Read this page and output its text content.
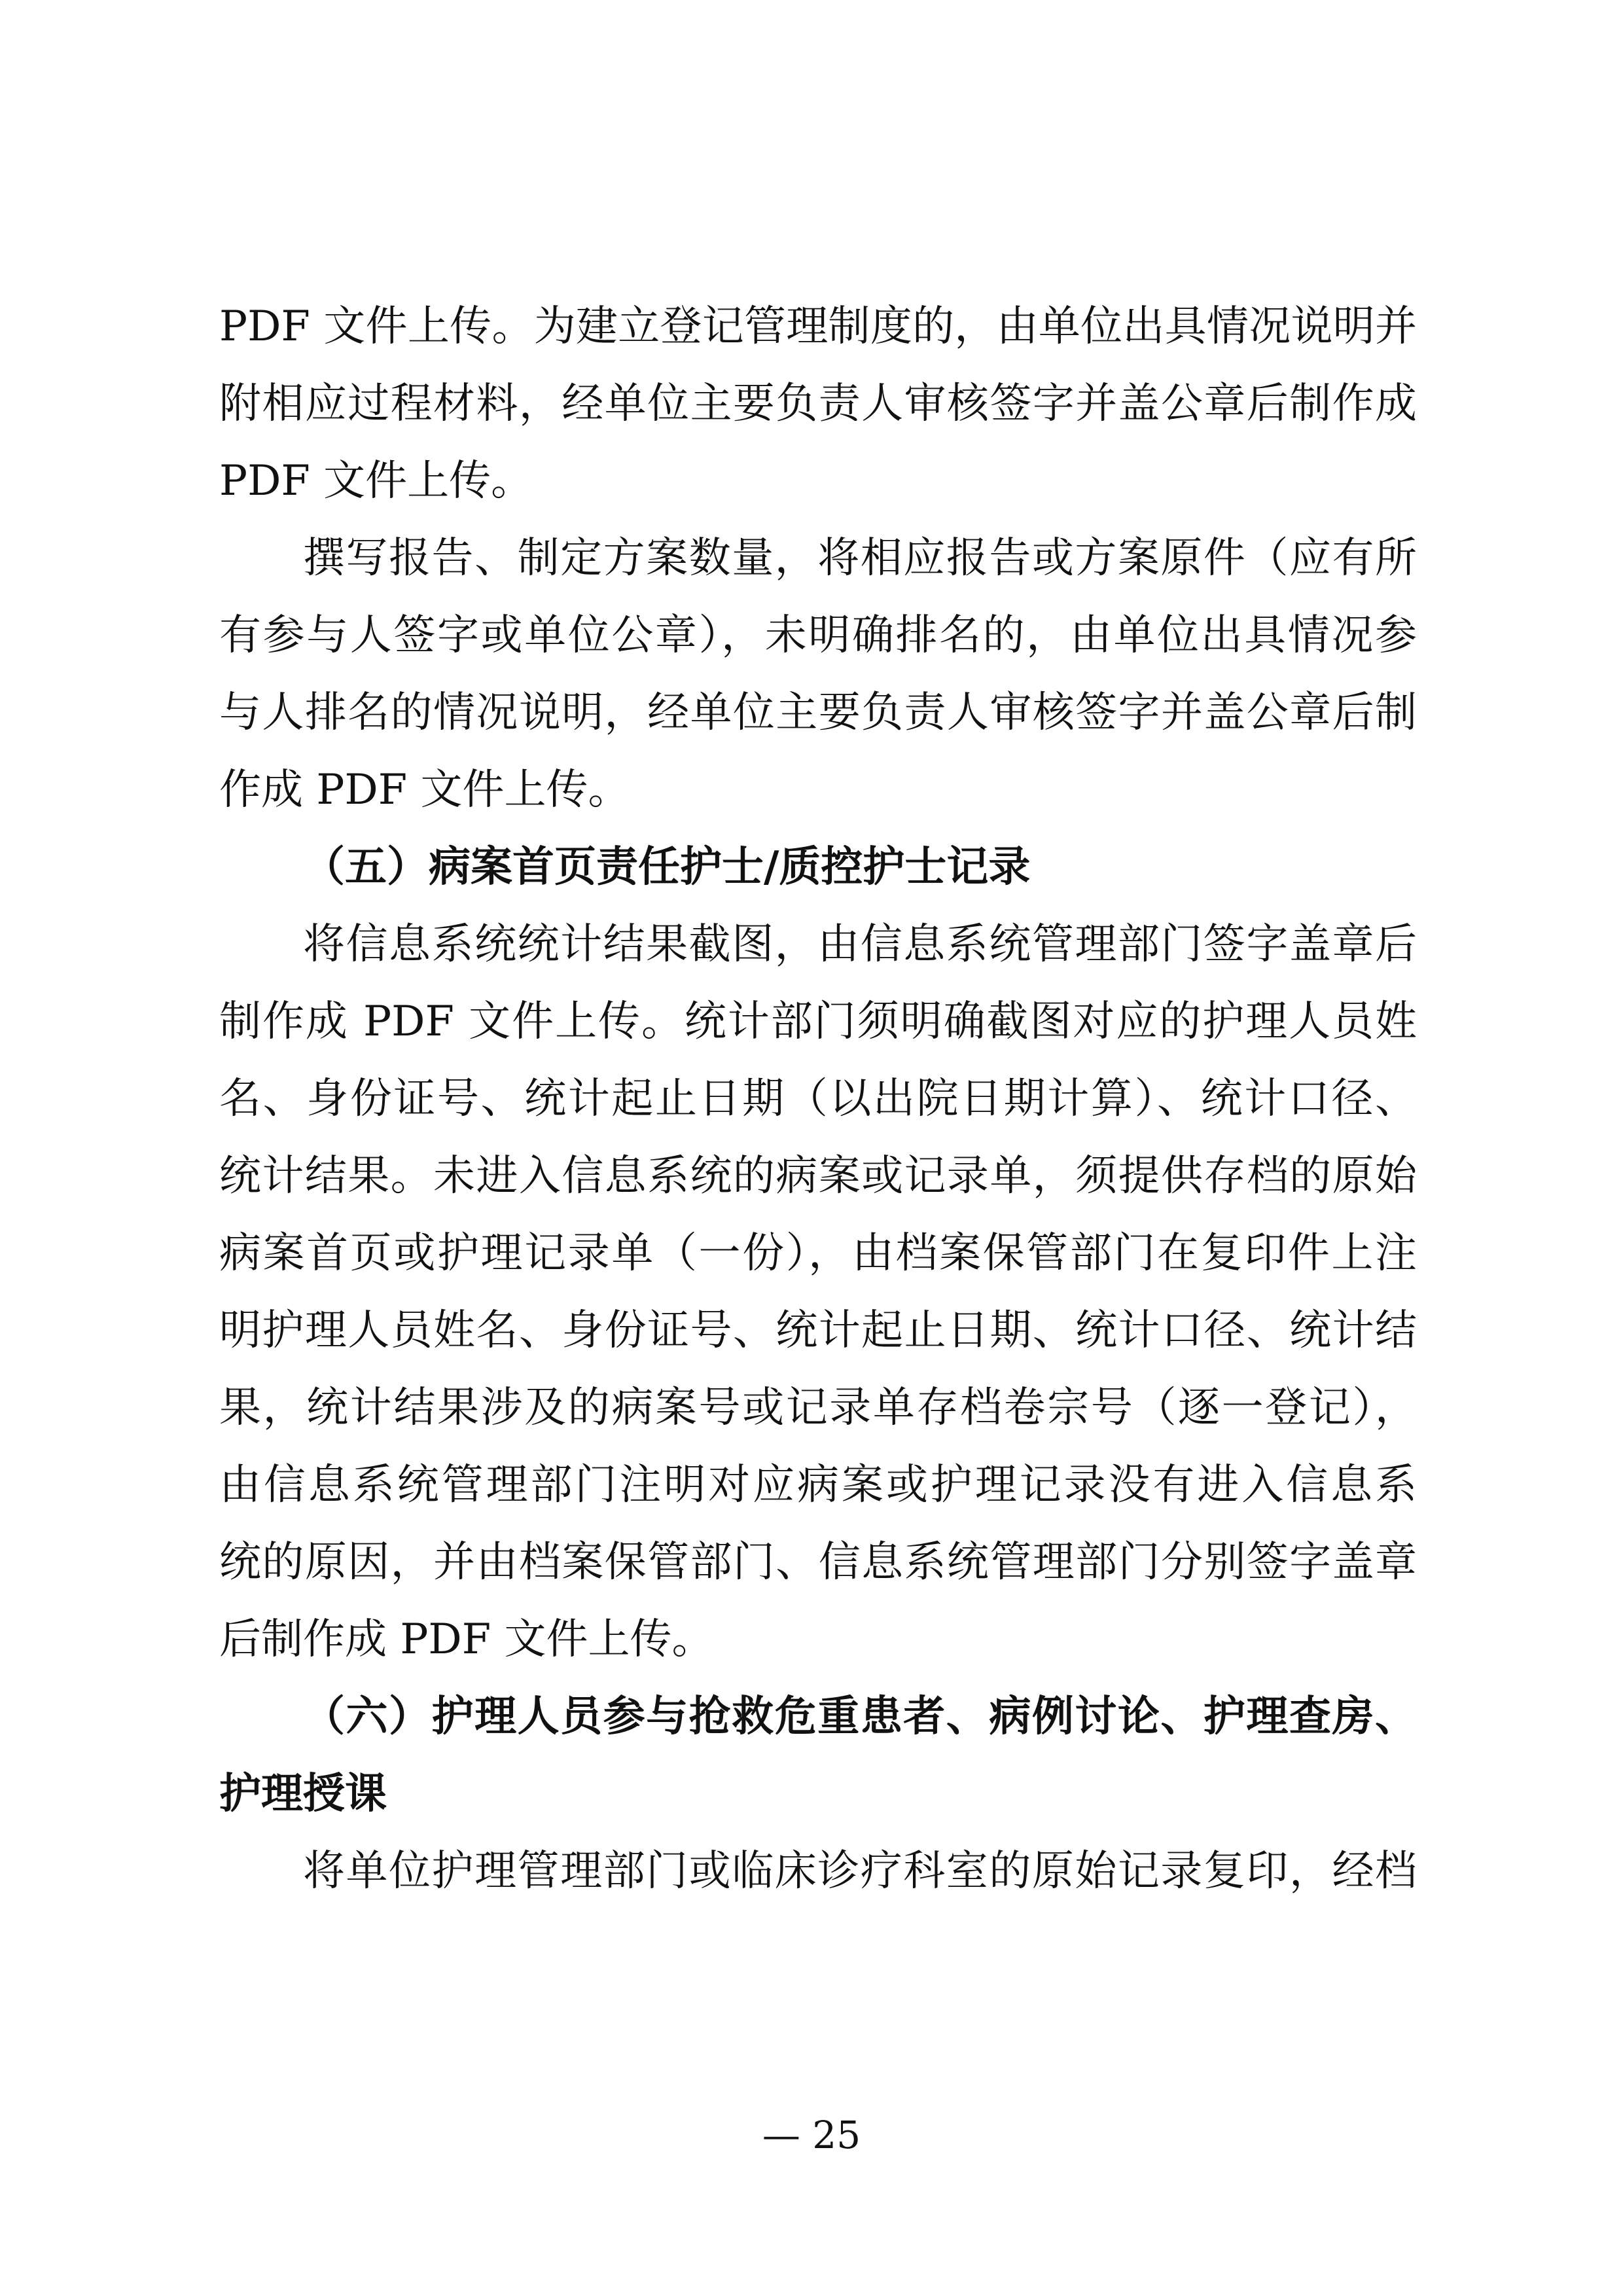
PDF 文件上传。为建立登记管理制度的，由单位出具情况说明并
附相应过程材料，经单位主要负责人审核签字并盖公章后制作成
PDF 文件上传。
撰写报告、制定方案数量，将相应报告或方案原件（应有所
有参与人签字或单位公章），未明确排名的，由单位出具情况参
与人排名的情况说明，经单位主要负责人审核签字并盖公章后制
作成 PDF 文件上传。
（五）病案首页责任护士/质控护士记录
将信息系统统计结果截图，由信息系统管理部门签字盖章后
制作成 PDF 文件上传。统计部门须明确截图对应的护理人员姓
名、身份证号、统计起止日期（以出院日期计算）、统计口径、
统计结果。未进入信息系统的病案或记录单，须提供存档的原始
病案首页或护理记录单（一份），由档案保管部门在复印件上注
明护理人员姓名、身份证号、统计起止日期、统计口径、统计结
果，统计结果涉及的病案号或记录单存档卷宗号（逐一登记），
由信息系统管理部门注明对应病案或护理记录没有进入信息系
统的原因，并由档案保管部门、信息系统管理部门分别签字盖章
后制作成 PDF 文件上传。
（六）护理人员参与抢救危重患者、病例讨论、护理查房、
护理授课
将单位护理管理部门或临床诊疗科室的原始记录复印，经档
— 25
